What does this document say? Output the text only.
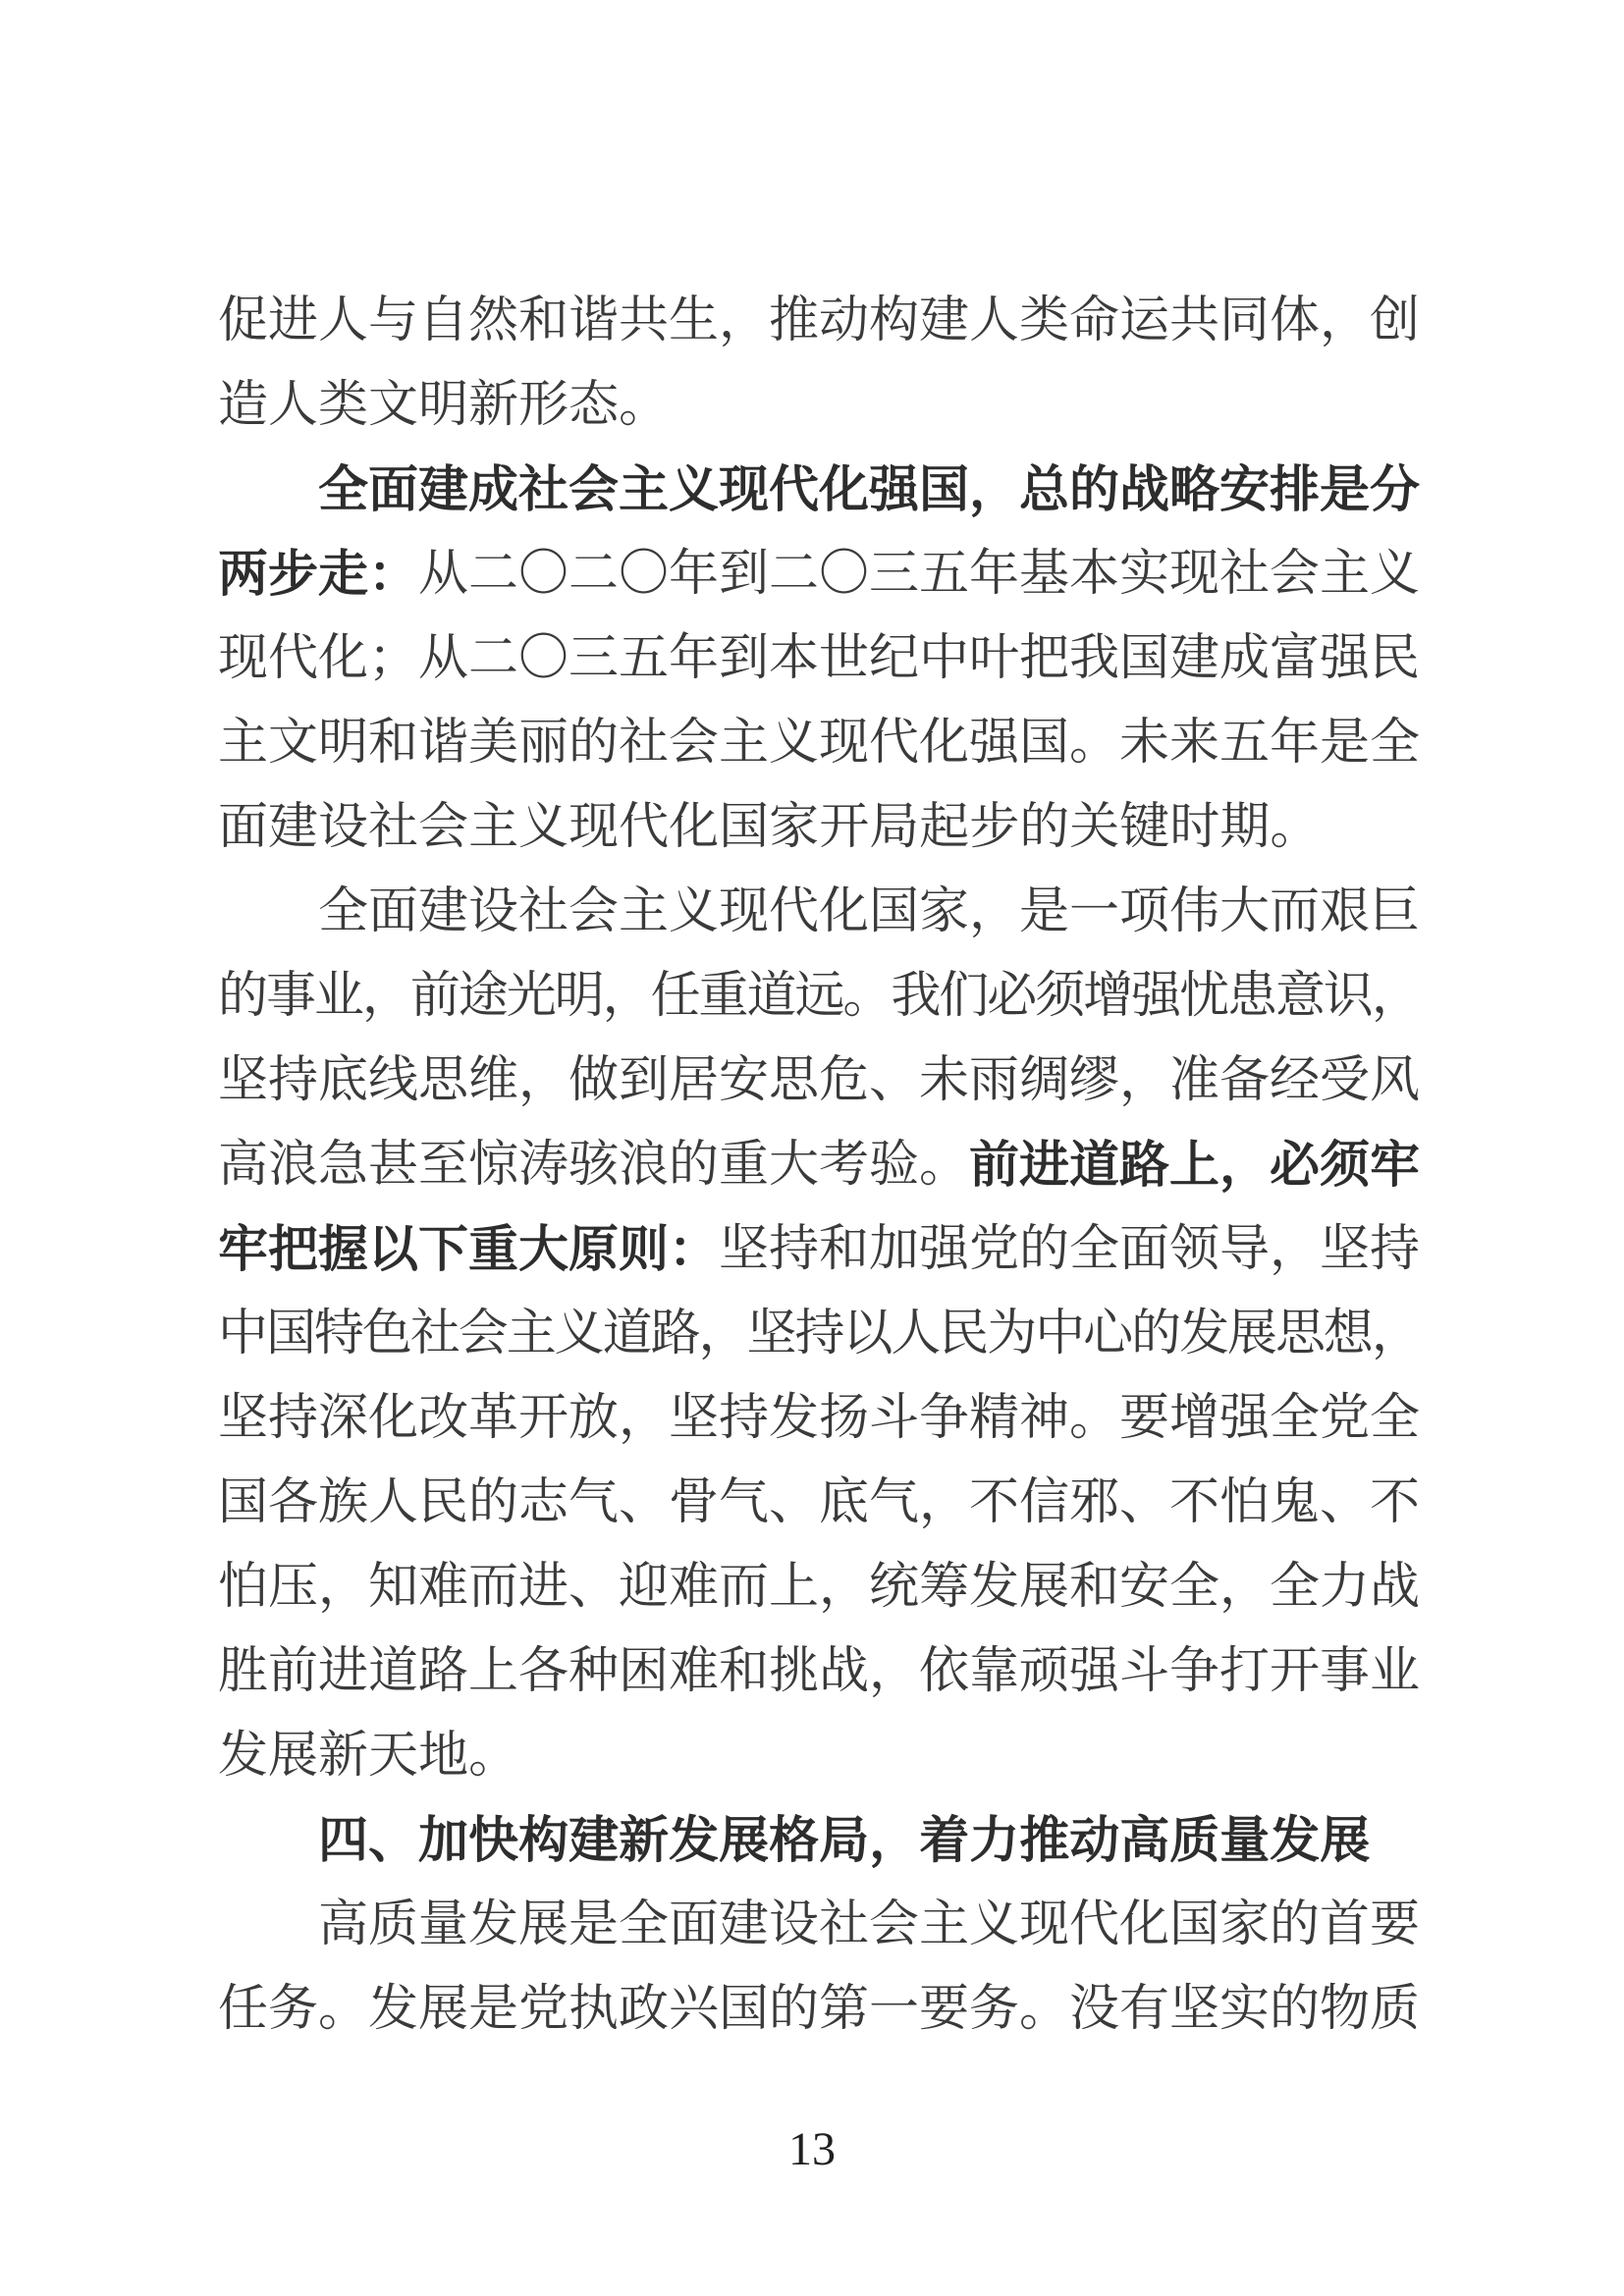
促 进 人 与 自 然 和 谐 共 生 ， 推 动 构 建 人 类 命 运 共 同 体 ， 创
造 人 类 文 明 新 形 态 。
全 面 建 成 社 会 主 义 现 代 化 强 国 ， 总 的 战 略 安 排 是 分
两 步 走 ： 从 二 〇 二 〇 年 到 二 〇 三 五 年 基 本 实 现 社 会 主 义
现 代 化 ； 从 二 〇 三 五 年 到 本 世 纪 中 叶 把 我 国 建 成 富 强 民
主 文 明 和 谐 美 丽 的 社 会 主 义 现 代 化 强 国 。 未 来 五 年 是 全
面 建 设 社 会 主 义 现 代 化 国 家 开 局 起 步 的 关 键 时 期 。
全 面 建 设 社 会 主 义 现 代 化 国 家 ， 是 一 项 伟 大 而 艰 巨
的
事
业
，
前
途
光
明
，
任
重
道
远
。
我
们
必
须
增
强
忧
患
意
识
，
坚 持 底 线 思 维 ， 做 到 居 安 思 危 、 未 雨 绸 缪 ， 准 备 经 受 风
高 浪 急 甚 至 惊 涛 骇 浪 的 重 大 考 验 。 前 进 道 路 上 ， 必 须 牢
牢 把 握 以 下 重 大 原 则 ： 坚 持 和 加 强 党 的 全 面 领 导 ， 坚 持
中
国
特
色
社
会
主
义
道
路
，
坚
持
以
人
民
为
中
心
的
发
展
思
想
，
坚 持 深 化 改 革 开 放 ， 坚 持 发 扬 斗 争 精 神 。 要 增 强 全 党 全
国 各 族 人 民 的 志 气 、 骨 气 、 底 气 ， 不 信 邪 、 不 怕 鬼 、 不
怕 压 ， 知 难 而 进 、 迎 难 而 上 ， 统 筹 发 展 和 安 全 ， 全 力 战
胜 前 进 道 路 上 各 种 困 难 和 挑 战 ， 依 靠 顽 强 斗 争 打 开 事 业
发 展 新 天 地 。
四 、 加 快 构 建 新 发 展 格 局 ， 着 力 推 动 高 质 量 发 展
高 质 量 发 展 是 全 面 建 设 社 会 主 义 现 代 化 国 家 的 首 要
任 务 。 发 展 是 党 执 政 兴 国 的 第 一 要 务 。 没 有 坚 实 的 物 质
13
